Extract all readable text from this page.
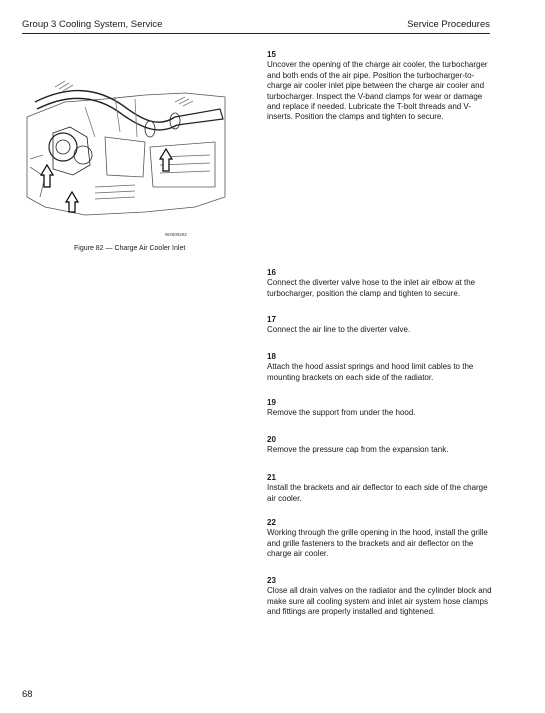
Group 3 Cooling System, Service	Service Procedures
W2000202
Figure 82 — Charge Air Cooler Inlet
15
Uncover the opening of the charge air cooler, the turbocharger and both ends of the air pipe. Position the turbocharger-to-charge air cooler inlet pipe between the charge air cooler and turbocharger. Inspect the V-band clamps for wear or damage and replace if needed. Lubricate the T-bolt threads and V-inserts. Position the clamps and tighten to secure.
16
Connect the diverter valve hose to the inlet air elbow at the turbocharger, position the clamp and tighten to secure.
17
Connect the air line to the diverter valve.
18
Attach the hood assist springs and hood limit cables to the mounting brackets on each side of the radiator.
19
Remove the support from under the hood.
20
Remove the pressure cap from the expansion tank.
21
Install the brackets and air deflector to each side of the charge air cooler.
22
Working through the grille opening in the hood, install the grille and grille fasteners to the brackets and air deflector on the charge air cooler.
23
Close all drain valves on the radiator and the cylinder block and make sure all cooling system and inlet air system hose clamps and fittings are properly installed and tightened.
68
